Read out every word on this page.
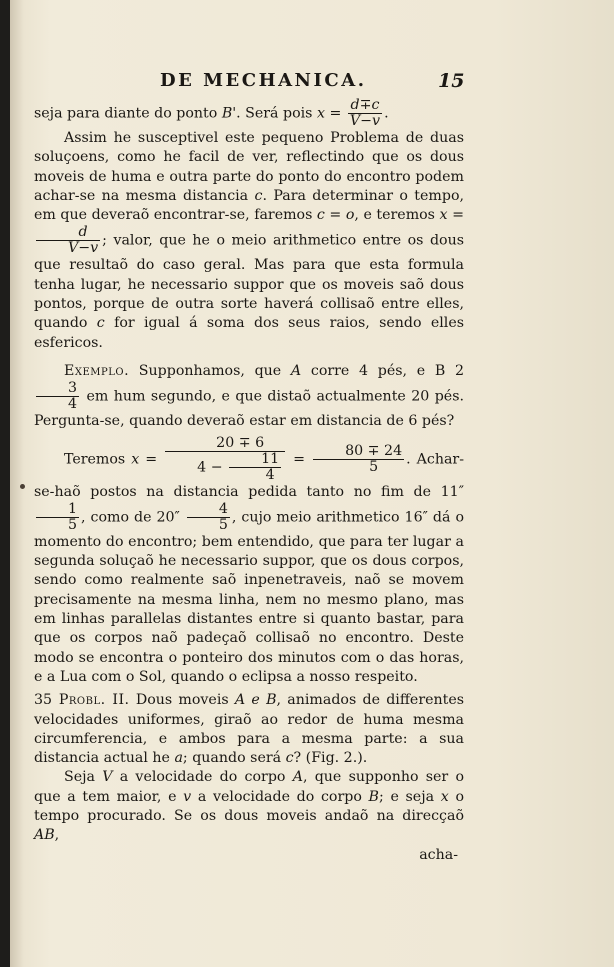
DE MECHANICA.	15

seja para diante do ponto B'. Será pois $x = \frac{d\mp c}{V-v}$ .

Assim he susceptivel este pequeno Problema de duas soluçoens, como he facil de ver, reflectindo que os dous moveis de huma e outra parte do ponto do encontro podem achar-se na mesma distancia c. Para determinar o tempo, em que deveraõ encontrar-se, faremos c = o, e teremos x =
$\frac{d}{V-v}$ ; valor, que he o meio arithmetico entre os dous que resultaõ do caso geral. Mas para que esta formula tenha lugar, he necessario suppor que os moveis saõ dous pontos, porque de outra sorte haverá collisaõ entre elles, quando c for igual á soma dos seus raios, sendo elles esfericos.

Exemplo. Supponhamos, que A corre 4 pés, e B 2
$\frac{3}{4}$ em hum segundo, e que distaõ actualmente 20 pés. Pergunta-se, quando deveraõ estar em distancia de 6 pés?

Teremos $x = \frac{20 \mp 6}{4 - \frac{11}{4}} = \frac{80 \mp 24}{5}$ . Achar-se-haõ postos na distancia pedida tanto no fim de 11″
$\frac{1}{5}$ , como de $20'' \frac{4}{5}$ , cujo meio arithmetico 16″ dá o momento do encontro; bem entendido, que para ter lugar a segunda soluçaõ he necessario suppor, que os dous corpos, sendo como realmente saõ inpenetraveis, naõ se movem precisamente na mesma linha, nem no mesmo plano, mas em linhas parallelas distantes entre si quanto bastar, para que os corpos naõ padeçaõ collisaõ no encontro. Deste modo se encontra o ponteiro dos minutos com o das horas, e a Lua com o Sol, quando o eclipsa a nosso respeito.

35 Probl. II. Dous moveis A e B, animados de differentes velocidades uniformes, giraõ ao redor de huma mesma circumferencia, e ambos para a mesma parte: a sua distancia actual he a; quando será c? (Fig. 2.).

Seja V a velocidade do corpo A, que supponho ser o que a tem maior, e v a velocidade do corpo B; e seja x o tempo procurado. Se os dous moveis andaõ na direcçaõ AB,

acha-
